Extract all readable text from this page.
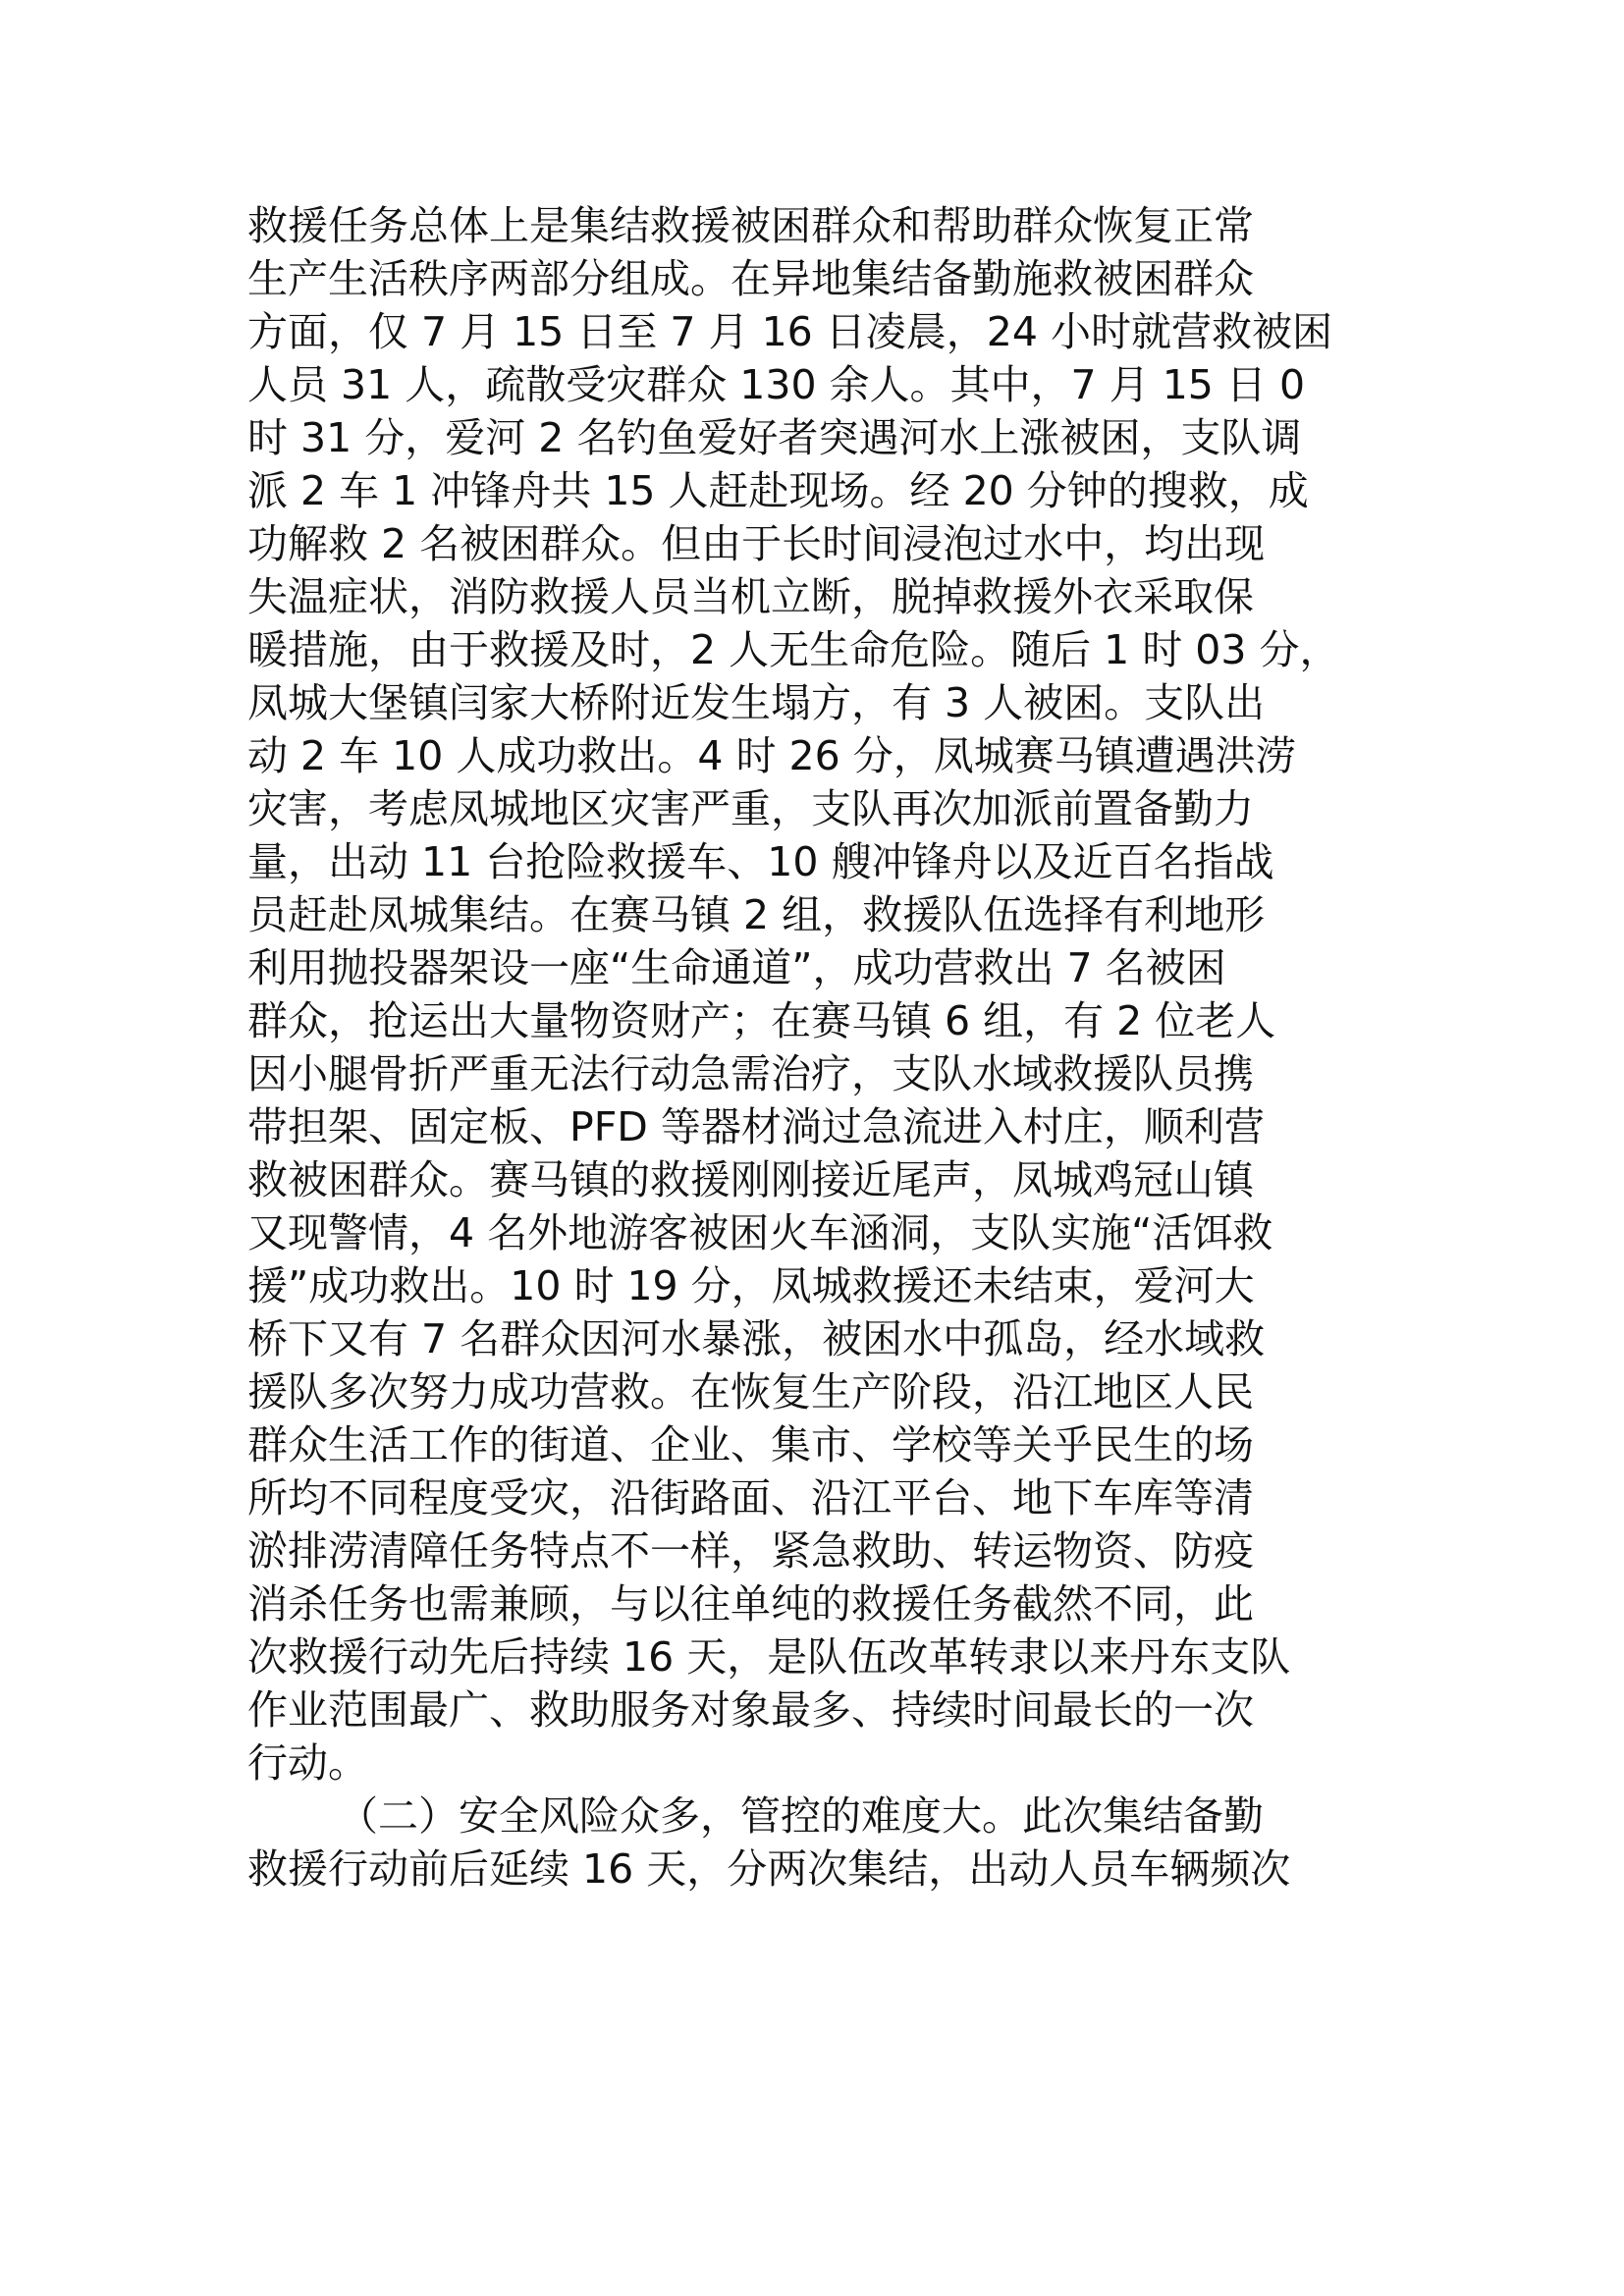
救援任务总体上是集结救援被困群众和帮助群众恢复正常
生产生活秩序两部分组成。在异地集结备勤施救被困群众
方面，仅 7 月 15 日至 7 月 16 日凌晨，24 小时就营救被困
人员 31 人，疏散受灾群众 130 余人。其中，7 月 15 日 0
时 31 分，爱河 2 名钓鱼爱好者突遇河水上涨被困，支队调
派 2 车 1 冲锋舟共 15 人赶赴现场。经 20 分钟的搜救，成
功解救 2 名被困群众。但由于长时间浸泡过水中，均出现
失温症状，消防救援人员当机立断，脱掉救援外衣采取保
暖措施，由于救援及时，2 人无生命危险。随后 1 时 03 分，
凤城大堡镇闫家大桥附近发生塌方，有 3 人被困。支队出
动 2 车 10 人成功救出。4 时 26 分，凤城赛马镇遭遇洪涝
灾害，考虑凤城地区灾害严重，支队再次加派前置备勤力
量，出动 11 台抢险救援车、10 艘冲锋舟以及近百名指战
员赶赴凤城集结。在赛马镇 2 组，救援队伍选择有利地形
利用抛投器架设一座“生命通道”，成功营救出 7 名被困
群众，抢运出大量物资财产；在赛马镇 6 组，有 2 位老人
因小腿骨折严重无法行动急需治疗，支队水域救援队员携
带担架、固定板、PFD 等器材淌过急流进入村庄，顺利营
救被困群众。赛马镇的救援刚刚接近尾声，凤城鸡冠山镇
又现警情，4 名外地游客被困火车涵洞，支队实施“活饵救
援”成功救出。10 时 19 分，凤城救援还未结束，爱河大
桥下又有 7 名群众因河水暴涨，被困水中孤岛，经水域救
援队多次努力成功营救。在恢复生产阶段，沿江地区人民
群众生活工作的街道、企业、集市、学校等关乎民生的场
所均不同程度受灾，沿街路面、沿江平台、地下车库等清
淤排涝清障任务特点不一样，紧急救助、转运物资、防疫
消杀任务也需兼顾，与以往单纯的救援任务截然不同，此
次救援行动先后持续 16 天，是队伍改革转隶以来丹东支队
作业范围最广、救助服务对象最多、持续时间最长的一次
行动。
（二）安全风险众多，管控的难度大。此次集结备勤
救援行动前后延续 16 天，分两次集结，出动人员车辆频次
